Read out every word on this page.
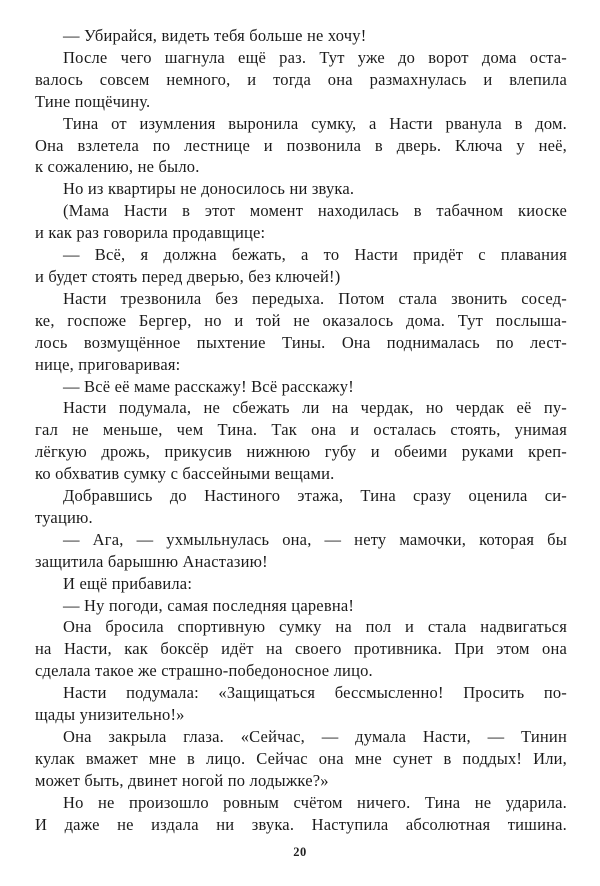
— Убирайся, видеть тебя больше не хочу!
После чего шагнула ещё раз. Тут уже до ворот дома оста-
валось совсем немного, и тогда она размахнулась и влепила
Тине пощёчину.
Тина от изумления выронила сумку, а Насти рванула в дом.
Она взлетела по лестнице и позвонила в дверь. Ключа у неё,
к сожалению, не было.
Но из квартиры не доносилось ни звука.
(Мама Насти в этот момент находилась в табачном киоске
и как раз говорила продавщице:
— Всё, я должна бежать, а то Насти придёт с плавания
и будет стоять перед дверью, без ключей!)
Насти трезвонила без передыха. Потом стала звонить сосед-
ке, госпоже Бергер, но и той не оказалось дома. Тут послыша-
лось возмущённое пыхтение Тины. Она поднималась по лест-
нице, приговаривая:
— Всё её маме расскажу! Всё расскажу!
Насти подумала, не сбежать ли на чердак, но чердак её пу-
гал не меньше, чем Тина. Так она и осталась стоять, унимая
лёгкую дрожь, прикусив нижнюю губу и обеими руками креп-
ко обхватив сумку с бассейными вещами.
Добравшись до Настиного этажа, Тина сразу оценила си-
туацию.
— Ага, — ухмыльнулась она, — нету мамочки, которая бы
защитила барышню Анастазию!
И ещё прибавила:
— Ну погоди, самая последняя царевна!
Она бросила спортивную сумку на пол и стала надвигаться
на Насти, как боксёр идёт на своего противника. При этом она
сделала такое же страшно-победоносное лицо.
Насти подумала: «Защищаться бессмысленно! Просить по-
щады унизительно!»
Она закрыла глаза. «Сейчас, — думала Насти, — Тинин
кулак вмажет мне в лицо. Сейчас она мне сунет в поддых! Или,
может быть, двинет ногой по лодыжке?»
Но не произошло ровным счётом ничего. Тина не ударила.
И даже не издала ни звука. Наступила абсолютная тишина.
20
